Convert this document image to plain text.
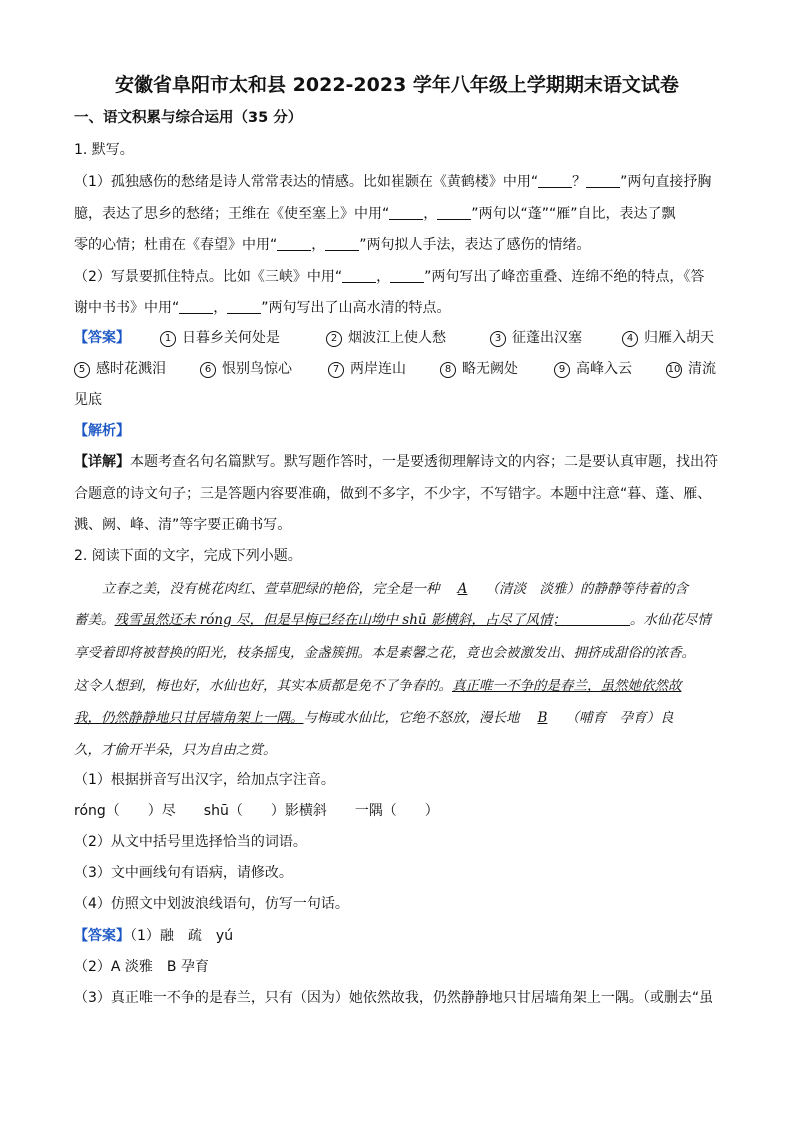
安徽省阜阳市太和县 2022-2023 学年八年级上学期期末语文试卷
一、语文积累与综合运用（35 分）
1. 默写。
（1）孤独感伤的愁绪是诗人常常表达的情感。比如崔颢在《黄鹤楼》中用“ ？ ”两句直接抒胸
臆，表达了思乡的愁绪；王维在《使至塞上》中用“ ， ”两句以“蓬”“雁”自比，表达了飘
零的心情；杜甫在《春望》中用“ ， ”两句拟人手法，表达了感伤的情绪。
（2）写景要抓住特点。比如《三峡》中用“ ， ”两句写出了峰峦重叠、连绵不绝的特点，《答
谢中书书》中用“ ， ”两句写出了山高水清的特点。
【答案】	1 日暮乡关何处是	2 烟波江上使人愁	3 征蓬出汉塞	4 归雁入胡天
5 感时花溅泪	6 恨别鸟惊心	7 两岸连山	8 略无阙处	9 高峰入云	10 清流
见底
【解析】
【详解】本题考查名句名篇默写。默写题作答时，一是要透彻理解诗文的内容；二是要认真审题，找出符
合题意的诗文句子；三是答题内容要准确，做到不多字，不少字，不写错字。本题中注意“暮、蓬、雁、
溅、阙、峰、清”等字要正确书写。
2. 阅读下面的文字，完成下列小题。
立春之美，没有桃花肉红、萱草肥绿的艳俗，完全是一种 A （清淡　淡雅）的静静等待着的含
蓄美。残雪虽然还未 róng 尽，但是早梅已经在山坳中 shū 影横斜，占尽了风情；	。水仙花尽情
享受着即将被替换的阳光，枝条摇曳，金盏簇拥。本是素馨之花，竟也会被激发出、拥挤成甜俗的浓香。
这令人想到，梅也好，水仙也好，其实本质都是免不了争春的。真正唯一不争的是春兰，虽然她依然故
我，仍然静静地只甘居墙角架上一隅。与梅或水仙比，它绝不怒放，漫长地 B （哺育　孕育）良
久，才偷开半朵，只为自由之赏。
（1）根据拼音写出汉字，给加点字注音。
róng（　　）尽　　shū（　　）影横斜　　一隅（　　）
（2）从文中括号里选择恰当的词语。
（3）文中画线句有语病，请修改。
（4）仿照文中划波浪线语句，仿写一句话。
【答案】（1）融　疏　yú
（2）A 淡雅　B 孕育
（3）真正唯一不争的是春兰，只有（因为）她依然故我，仍然静静地只甘居墙角架上一隅。（或删去“虽
